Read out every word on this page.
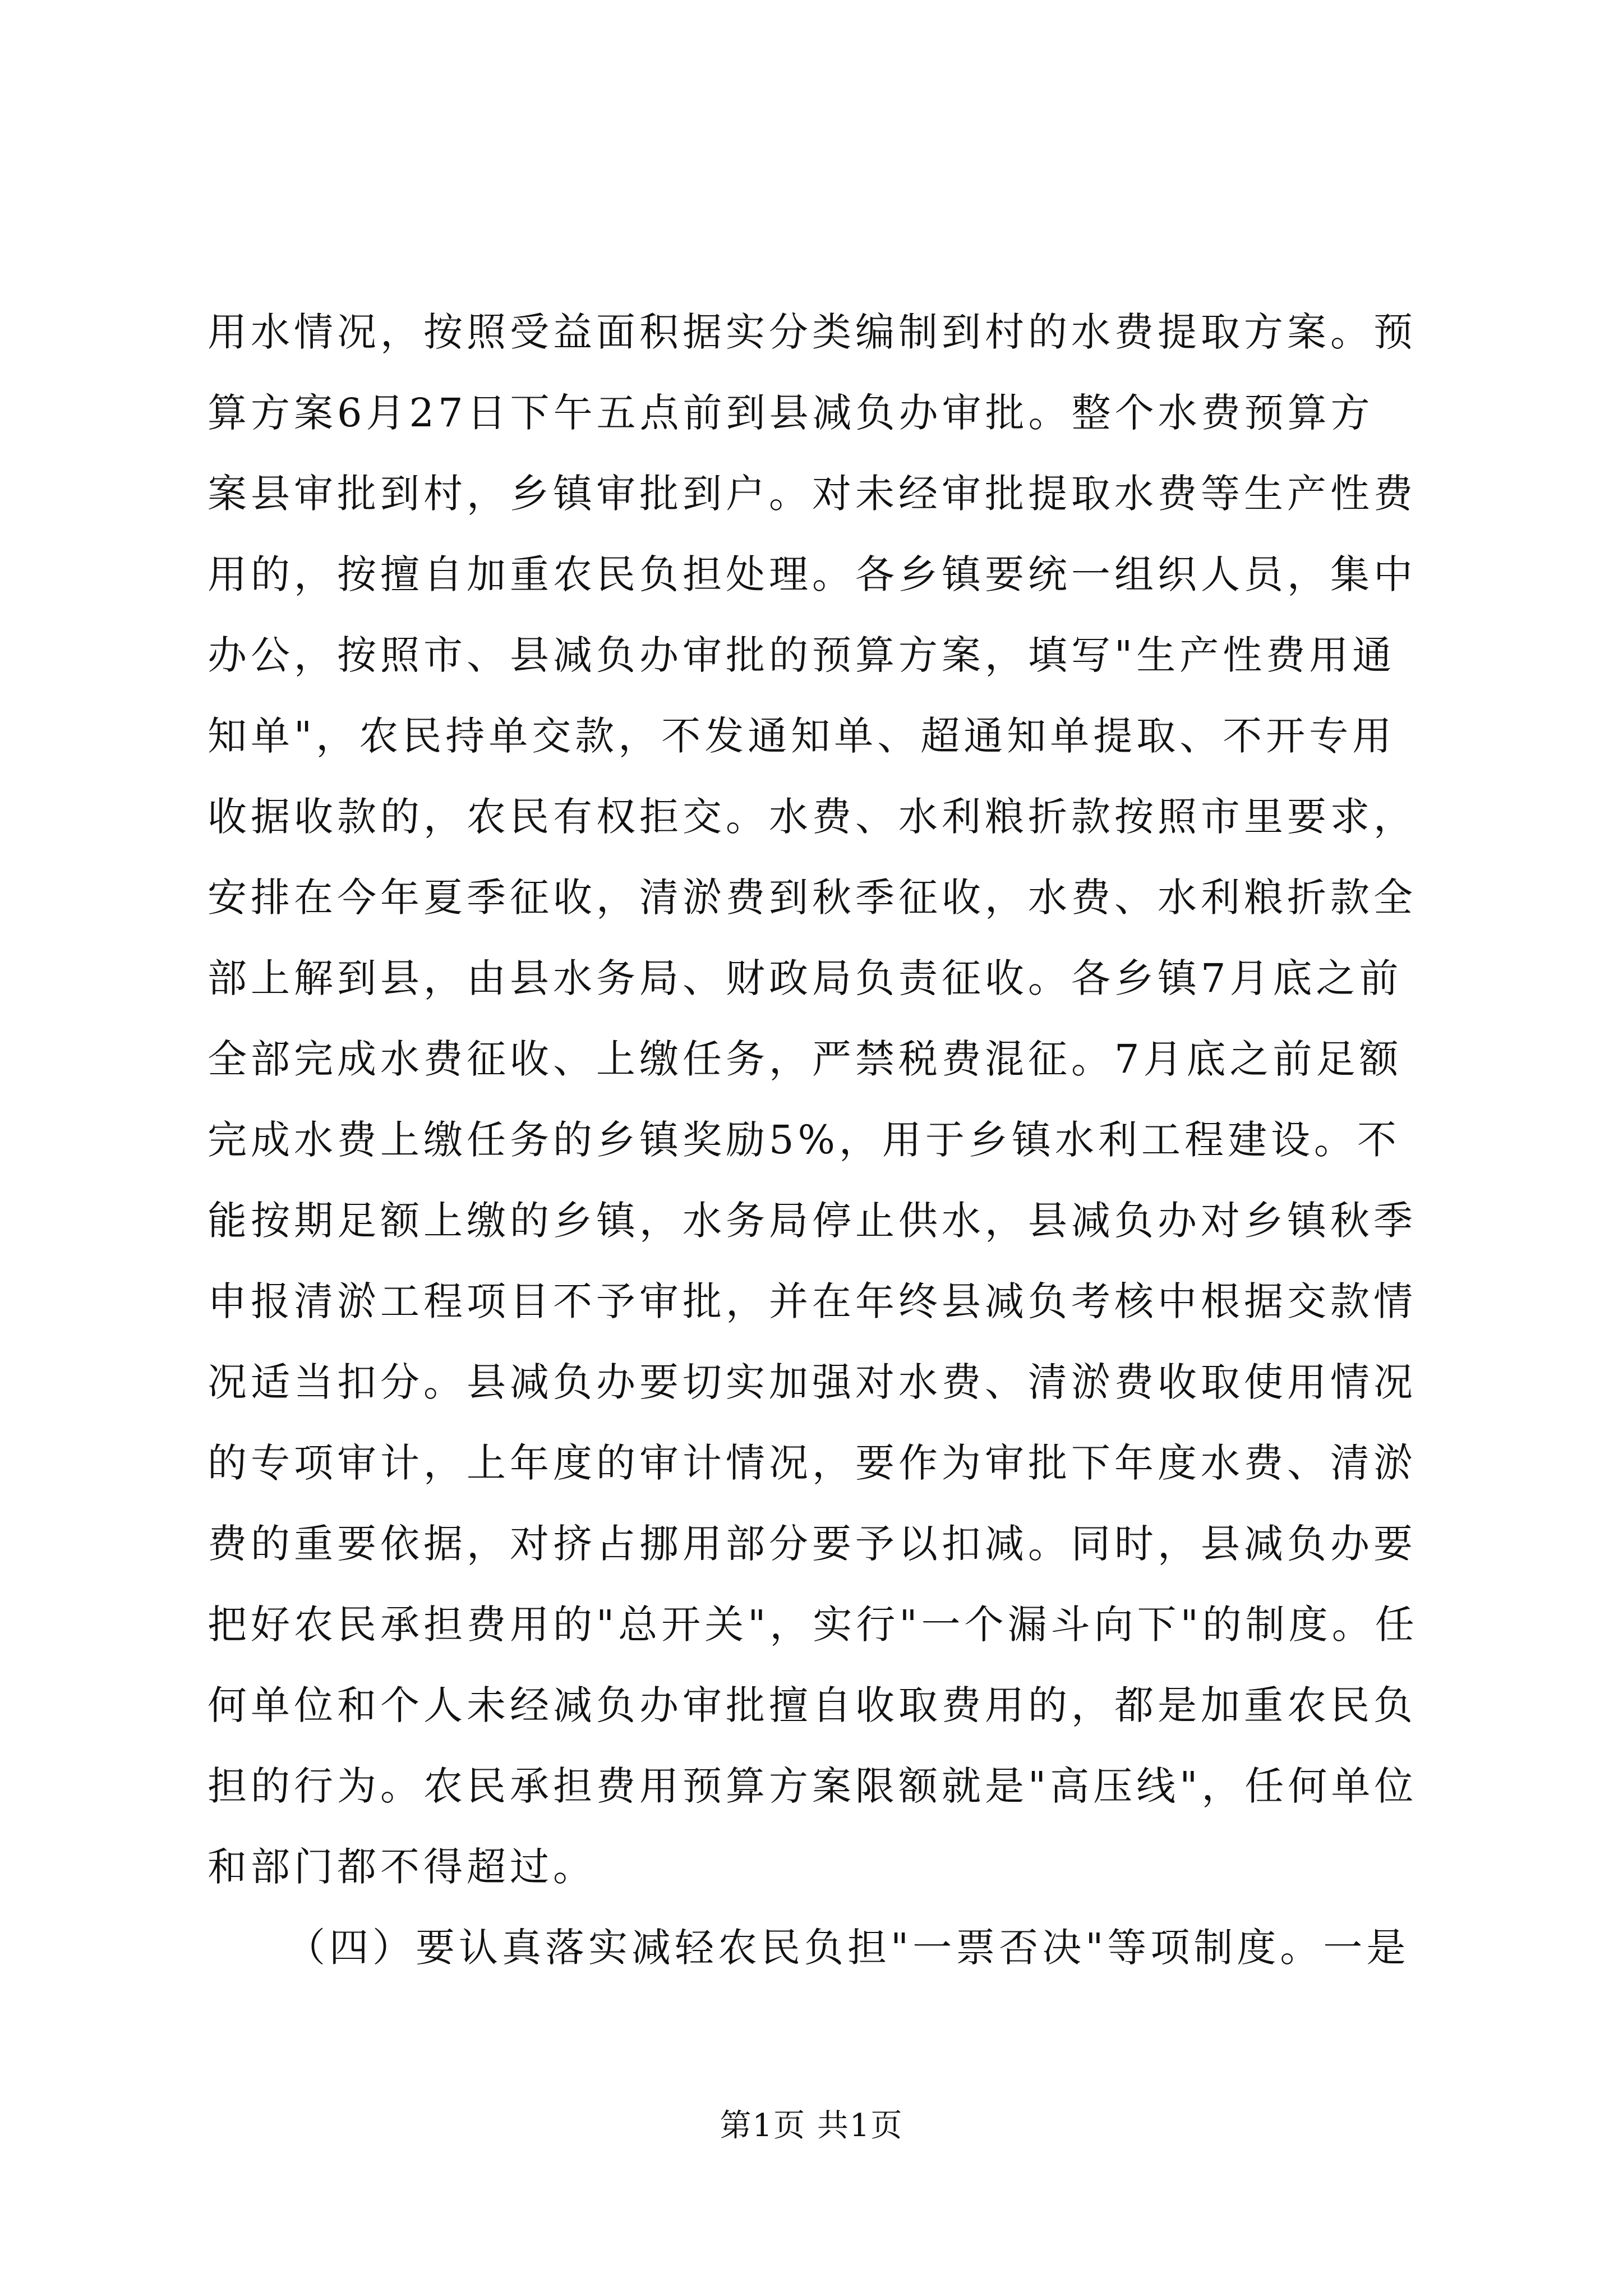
用水情况，按照受益面积据实分类编制到村的水费提取方案。预
算方案6月27日下午五点前到县减负办审批。整个水费预算方
案县审批到村，乡镇审批到户。对未经审批提取水费等生产性费
用的，按擅自加重农民负担处理。各乡镇要统一组织人员，集中
办公，按照市、县减负办审批的预算方案，填写"生产性费用通
知单"，农民持单交款，不发通知单、超通知单提取、不开专用
收据收款的，农民有权拒交。水费、水利粮折款按照市里要求，
安排在今年夏季征收，清淤费到秋季征收，水费、水利粮折款全
部上解到县，由县水务局、财政局负责征收。各乡镇7月底之前
全部完成水费征收、上缴任务，严禁税费混征。7月底之前足额
完成水费上缴任务的乡镇奖励5%，用于乡镇水利工程建设。不
能按期足额上缴的乡镇，水务局停止供水，县减负办对乡镇秋季
申报清淤工程项目不予审批，并在年终县减负考核中根据交款情
况适当扣分。县减负办要切实加强对水费、清淤费收取使用情况
的专项审计，上年度的审计情况，要作为审批下年度水费、清淤
费的重要依据，对挤占挪用部分要予以扣减。同时，县减负办要
把好农民承担费用的"总开关"，实行"一个漏斗向下"的制度。任
何单位和个人未经减负办审批擅自收取费用的，都是加重农民负
担的行为。农民承担费用预算方案限额就是"高压线"，任何单位
和部门都不得超过。
（四）要认真落实减轻农民负担"一票否决"等项制度。一是
第1页 共1页
